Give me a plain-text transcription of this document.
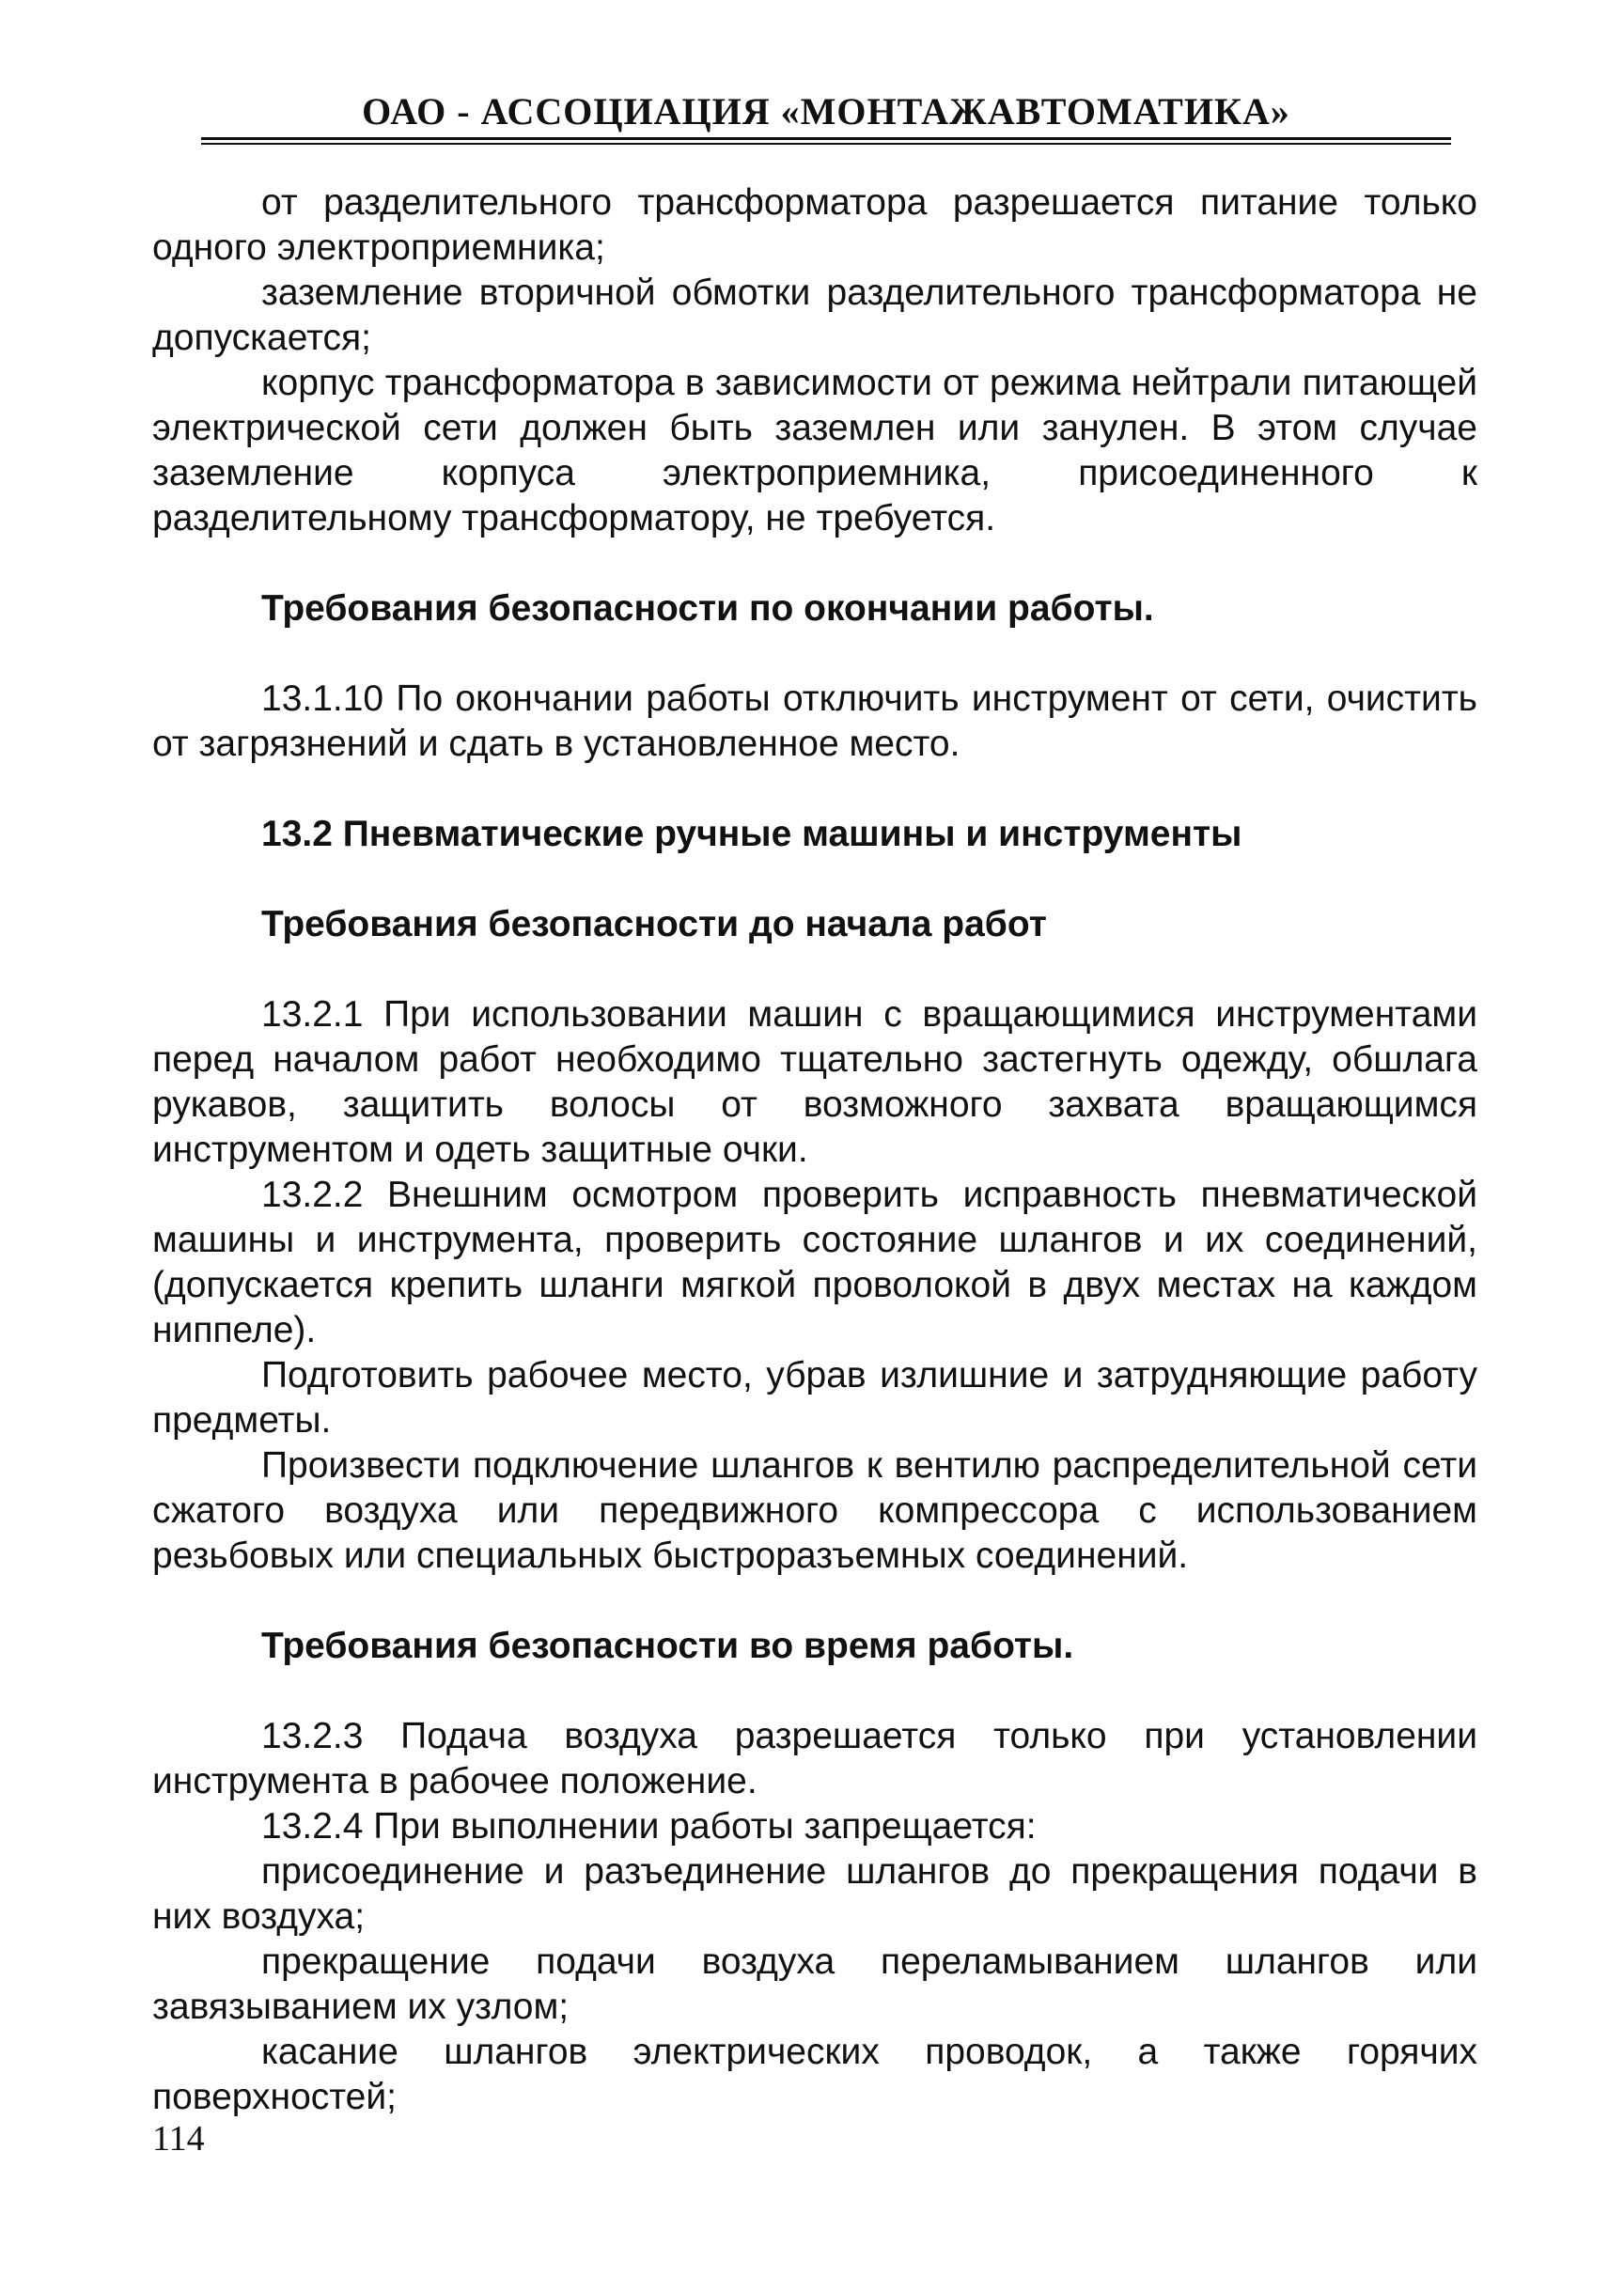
ОАО - АССОЦИАЦИЯ «МОНТАЖАВТОМАТИКА»

от разделительного трансформатора разрешается питание только одного электроприемника;

заземление вторичной обмотки разделительного трансформатора не допускается;

корпус трансформатора в зависимости от режима нейтрали питающей электрической сети должен быть заземлен или занулен. В этом случае заземление корпуса электроприемника, присоединенного к разделительному трансформатору, не требуется.

Требования безопасности по окончании работы.

13.1.10 По окончании работы отключить инструмент от сети, очистить от загрязнений и сдать в установленное место.

13.2 Пневматические ручные машины и инструменты

Требования безопасности до начала работ

13.2.1 При использовании машин с вращающимися инструментами перед началом работ необходимо тщательно застегнуть одежду, обшлага рукавов, защитить волосы от возможного захвата вращающимся инструментом и одеть защитные очки.

13.2.2 Внешним осмотром проверить исправность пневматической машины и инструмента, проверить состояние шлангов и их соединений, (допускается крепить шланги мягкой проволокой в двух местах на каждом ниппеле).

Подготовить рабочее место, убрав излишние и затрудняющие работу предметы.

Произвести подключение шлангов к вентилю распределительной сети сжатого воздуха или передвижного компрессора с использованием резьбовых или специальных быстроразъемных соединений.

Требования безопасности во время работы.

13.2.3 Подача воздуха разрешается только при установлении инструмента в рабочее положение.

13.2.4 При выполнении работы запрещается:

присоединение и разъединение шлангов до прекращения подачи в них воздуха;

прекращение подачи воздуха переламыванием шлангов или завязыванием их узлом;

касание шлангов электрических проводок, а также горячих поверхностей;

114
